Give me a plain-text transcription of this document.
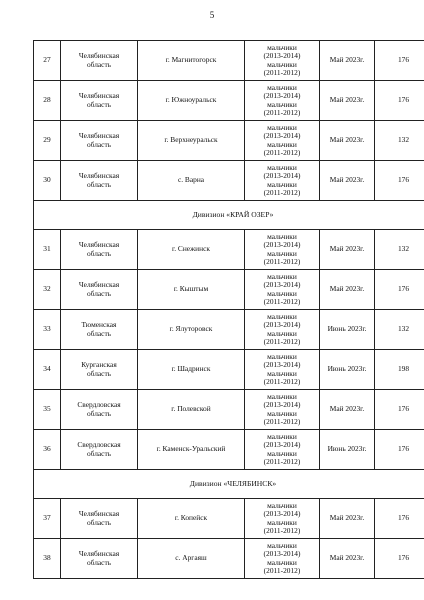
5
27	Челябинская
область	г. Магнитогорск	мальчики
(2013-2014)
мальчики
(2011-2012)	Май 2023г.	176
28	Челябинская
область	г. Южноуральск	мальчики
(2013-2014)
мальчики
(2011-2012)	Май 2023г.	176
29	Челябинская
область	г. Верхнеуральск	мальчики
(2013-2014)
мальчики
(2011-2012)	Май 2023г.	132
30	Челябинская
область	с. Варна	мальчики
(2013-2014)
мальчики
(2011-2012)	Май 2023г.	176
Дивизион «КРАЙ ОЗЕР»					
31	Челябинская
область	г. Снежинск	мальчики
(2013-2014)
мальчики
(2011-2012)	Май 2023г.	132
32	Челябинская
область	г. Кыштым	мальчики
(2013-2014)
мальчики
(2011-2012)	Май 2023г.	176
33	Тюменская
область	г. Ялуторовск	мальчики
(2013-2014)
мальчики
(2011-2012)	Июнь 2023г.	132
34	Курганская
область	г. Шадринск	мальчики
(2013-2014)
мальчики
(2011-2012)	Июнь 2023г.	198
35	Свердловская
область	г. Полевской	мальчики
(2013-2014)
мальчики
(2011-2012)	Май 2023г.	176
36	Свердловская
область	г. Каменск-Уральский	мальчики
(2013-2014)
мальчики
(2011-2012)	Июнь 2023г.	176
Дивизион «ЧЕЛЯБИНСК»					
37	Челябинская
область	г. Копейск	мальчики
(2013-2014)
мальчики
(2011-2012)	Май 2023г.	176
38	Челябинская
область	с. Аргаяш	мальчики
(2013-2014)
мальчики
(2011-2012)	Май 2023г.	176
